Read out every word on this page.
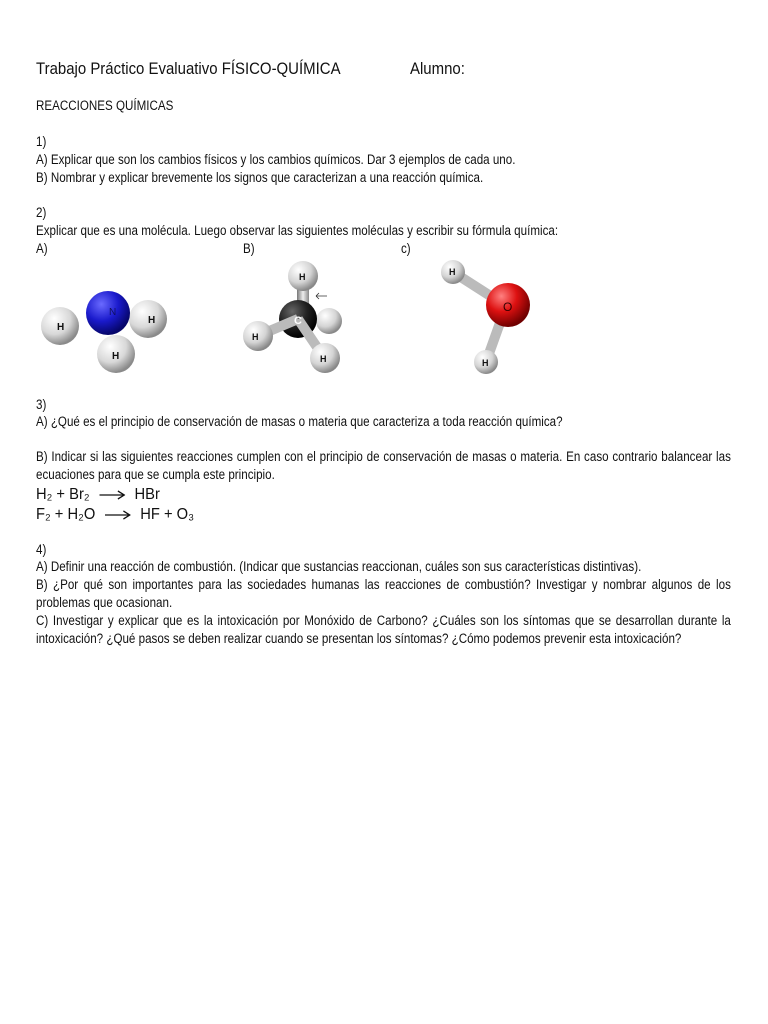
Trabajo Práctico Evaluativo FÍSICO-QUÍMICA	Alumno:
REACCIONES QUÍMICAS
1)
A) Explicar que son los cambios físicos y los cambios químicos. Dar 3 ejemplos de cada uno.
B) Nombrar y explicar brevemente los signos que caracterizan a una reacción química.
2)
Explicar que es una molécula. Luego observar las siguientes moléculas y escribir su fórmula química:
A)	B)	c)
N
H
H
H
C
H
H
H
O
H
H
3)
A) ¿Qué es el principio de conservación de masas o materia que caracteriza a toda reacción química?
B) Indicar si las siguientes reacciones cumplen con el principio de conservación de masas o materia. En caso contrario balancear las ecuaciones para que se cumpla este principio.
H₂ + Br₂ → HBr
F₂ + H₂O → HF + O₃
4)
A) Definir una reacción de combustión. (Indicar que sustancias reaccionan, cuáles son sus características distintivas).
B) ¿Por qué son importantes para las sociedades humanas las reacciones de combustión? Investigar y nombrar algunos de los problemas que ocasionan.
C) Investigar y explicar que es la intoxicación por Monóxido de Carbono? ¿Cuáles son los síntomas que se desarrollan durante la intoxicación? ¿Qué pasos se deben realizar cuando se presentan los síntomas? ¿Cómo podemos prevenir esta intoxicación?
